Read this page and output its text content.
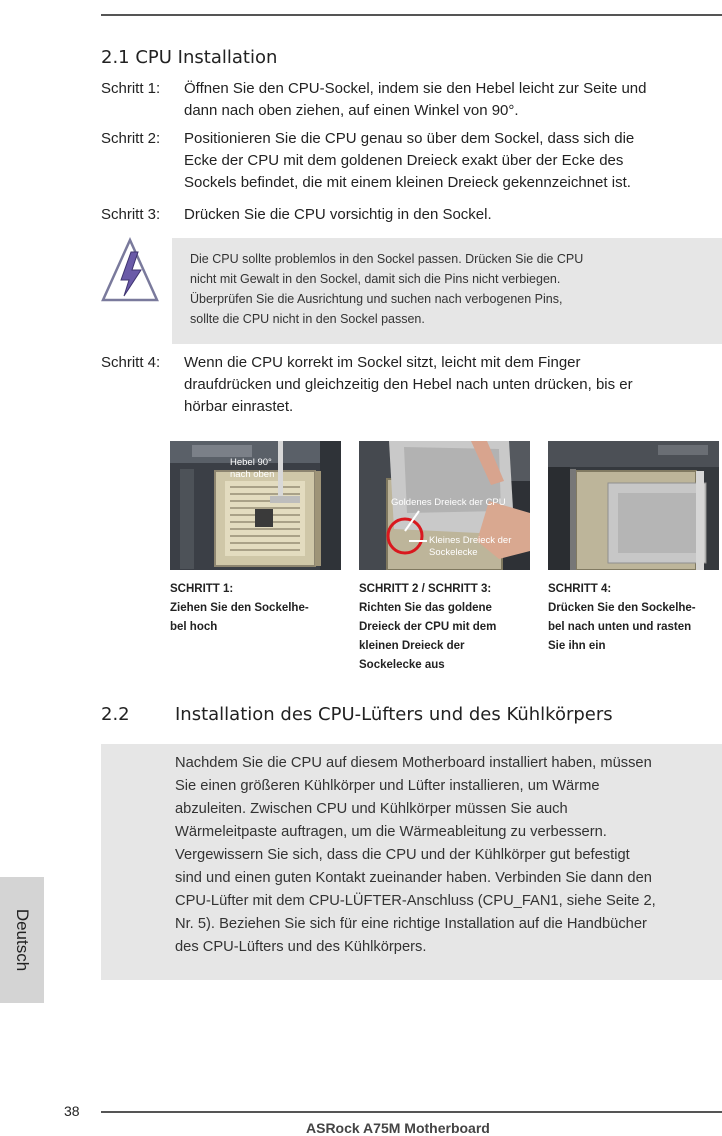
2.1 CPU Installation
Schritt 1: Öffnen Sie den CPU-Sockel, indem sie den Hebel leicht zur Seite und
dann nach oben ziehen, auf einen Winkel von 90°.
Schritt 2: Positionieren Sie die CPU genau so über dem Sockel, dass sich die
Ecke der CPU mit dem goldenen Dreieck exakt über der Ecke des
Sockels befindet, die mit einem kleinen Dreieck gekennzeichnet ist.
Schritt 3: Drücken Sie die CPU vorsichtig in den Sockel.
Die CPU sollte problemlos in den Sockel passen. Drücken Sie die CPU
nicht mit Gewalt in den Sockel, damit sich die Pins nicht verbiegen.
Überprüfen Sie die Ausrichtung und suchen nach verbogenen Pins,
sollte die CPU nicht in den Sockel passen.
Schritt 4: Wenn die CPU korrekt im Sockel sitzt, leicht mit dem Finger
draufdrücken und gleichzeitig den Hebel nach unten drücken, bis er
hörbar einrastet.
Hebel 90°
nach oben
Goldenes Dreieck der CPU
Kleines Dreieck der
Sockelecke
SCHRITT 1:
Ziehen Sie den Sockelhe-
bel hoch
SCHRITT 2 / SCHRITT 3:
Richten Sie das goldene
Dreieck der CPU mit dem
kleinen Dreieck der
Sockelecke aus
SCHRITT 4:
Drücken Sie den Sockelhe-
bel nach unten und rasten
Sie ihn ein
2.2	Installation des CPU-Lüfters und des Kühlkörpers
Nachdem Sie die CPU auf diesem Motherboard installiert haben, müssen
Sie einen größeren Kühlkörper und Lüfter installieren, um Wärme
abzuleiten. Zwischen CPU und Kühlkörper müssen Sie auch
Wärmeleitpaste auftragen, um die Wärmeableitung zu verbessern.
Vergewissern Sie sich, dass die CPU und der Kühlkörper gut befestigt
sind und einen guten Kontakt zueinander haben. Verbinden Sie dann den
CPU-Lüfter mit dem CPU-LÜFTER-Anschluss (CPU_FAN1, siehe Seite 2,
Nr. 5). Beziehen Sie sich für eine richtige Installation auf die Handbücher
des CPU-Lüfters und des Kühlkörpers.
Deutsch
38
ASRock A75M Motherboard
